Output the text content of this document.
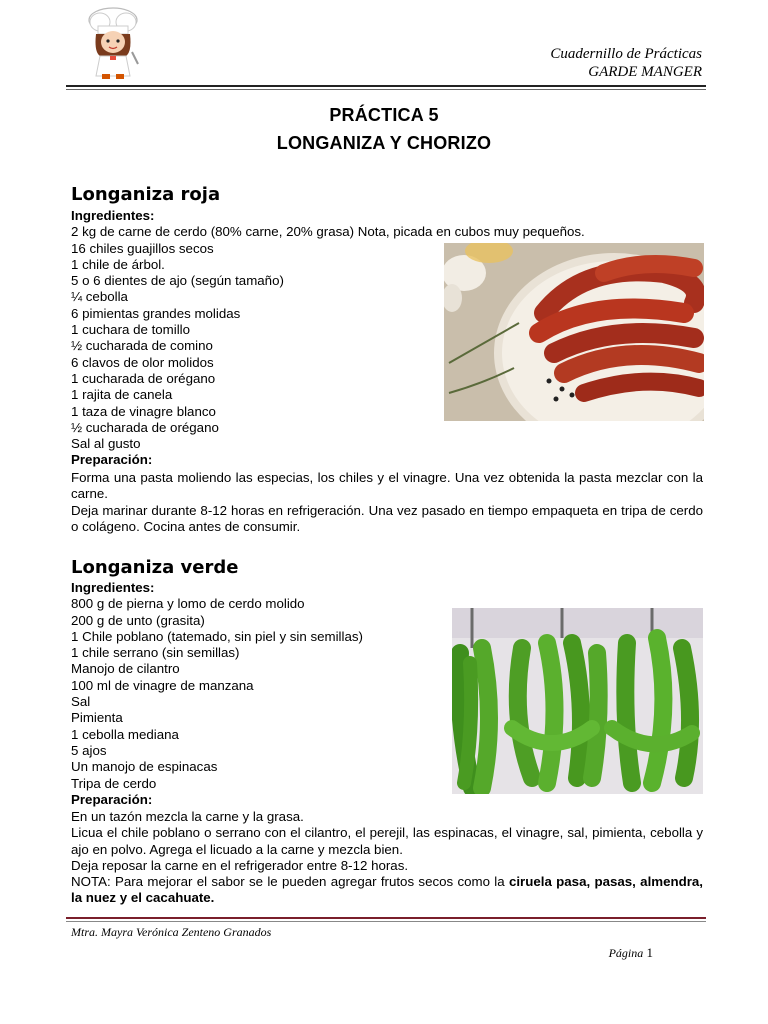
Cuadernillo de Prácticas
GARDE MANGER
PRÁCTICA 5
LONGANIZA Y CHORIZO
Longaniza roja
Ingredientes:
2 kg de carne de cerdo (80% carne, 20% grasa) Nota, picada en cubos muy pequeños.
16 chiles guajillos secos
1 chile de árbol.
5 o 6 dientes de ajo (según tamaño)
¼ cebolla
6 pimientas grandes molidas
1 cuchara de tomillo
½ cucharada de comino
6 clavos de olor molidos
1 cucharada de orégano
1 rajita de canela
1 taza de vinagre blanco
½ cucharada de orégano
Sal al gusto
Preparación:
Forma una pasta moliendo las especias, los chiles y el vinagre. Una vez obtenida la pasta mezclar con la carne.
Deja marinar durante 8-12 horas en refrigeración. Una vez pasado en tiempo empaqueta en tripa de cerdo o colágeno. Cocina antes de consumir.
Longaniza verde
Ingredientes:
800 g de pierna y lomo de cerdo molido
200 g de unto (grasita)
1 Chile poblano (tatemado, sin piel y sin semillas)
1 chile serrano (sin semillas)
Manojo de cilantro
100 ml de vinagre de manzana
Sal
Pimienta
1 cebolla mediana
5 ajos
Un manojo de espinacas
Tripa de cerdo
Preparación:
En un tazón mezcla la carne y la grasa.
Licua el chile poblano o serrano con el cilantro, el perejil, las espinacas, el vinagre, sal, pimienta, cebolla y ajo en polvo. Agrega el licuado a la carne y mezcla bien.
Deja reposar la carne en el refrigerador entre 8-12 horas.
NOTA: Para mejorar el sabor se le pueden agregar frutos secos como la ciruela pasa, pasas, almendra, la nuez y el cacahuate.
Mtra. Mayra Verónica Zenteno Granados
Página 1
